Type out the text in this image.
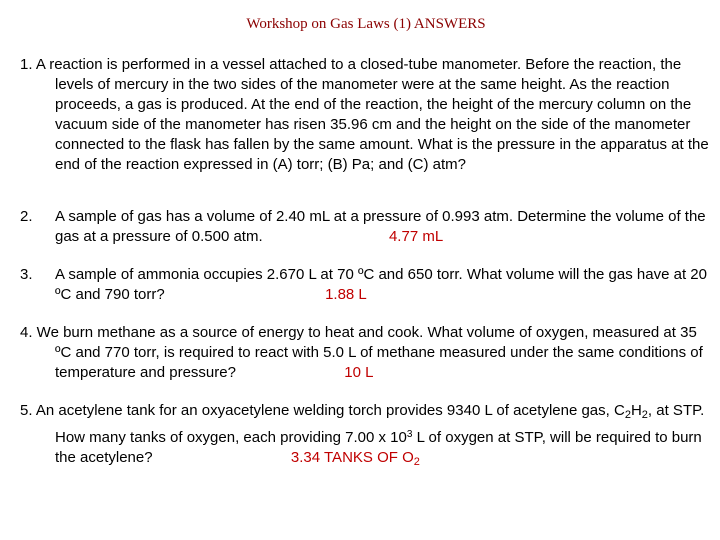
Workshop on Gas Laws (1) ANSWERS
1. A reaction is performed in a vessel attached to a closed-tube manometer. Before the reaction, the levels of mercury in the two sides of the manometer were at the same height. As the reaction proceeds, a gas is produced. At the end of the reaction, the height of the mercury column on the vacuum side of the manometer has risen 35.96 cm and the height on the side of the manometer connected to the flask has fallen by the same amount. What is the pressure in the apparatus at the end of the reaction expressed in (A) torr; (B) Pa; and (C) atm?
2. A sample of gas has a volume of 2.40 mL at a pressure of 0.993 atm. Determine the volume of the gas at a pressure of 0.500 atm.	4.77 mL
3. A sample of ammonia occupies 2.670 L at 70 ºC and 650 torr. What volume will the gas have at 20 ºC and 790 torr?	1.88 L
4. We burn methane as a source of energy to heat and cook. What volume of oxygen, measured at 35 ºC and 770 torr, is required to react with 5.0 L of methane measured under the same conditions of temperature and pressure?	10 L
5. An acetylene tank for an oxyacetylene welding torch provides 9340 L of acetylene gas, $C_2H_2$, at STP. How many tanks of oxygen, each providing 7.00 x $10^3$ L of oxygen at STP, will be required to burn the acetylene?	3.34 TANKS OF $O_2$
